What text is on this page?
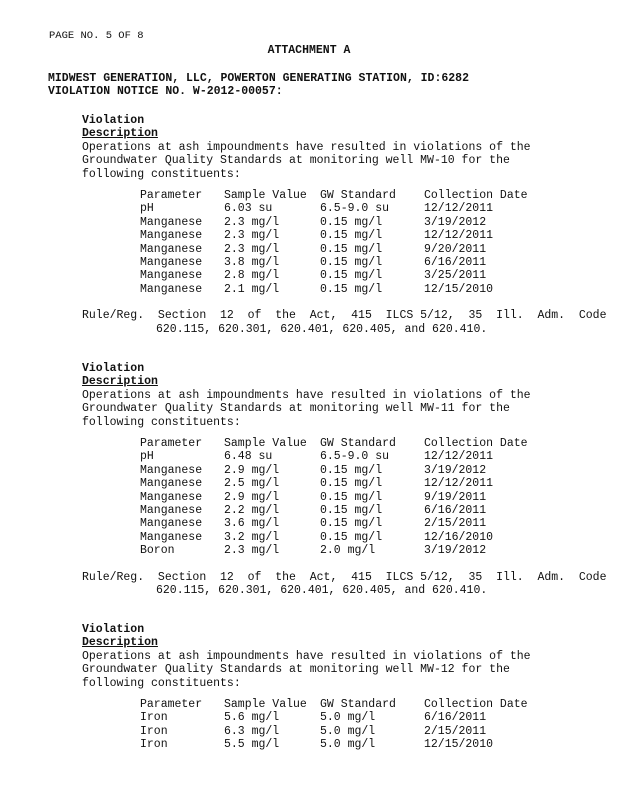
PAGE NO. 5 OF 8
ATTACHMENT A
MIDWEST GENERATION, LLC, POWERTON GENERATING STATION, ID:6282
VIOLATION NOTICE NO. W-2012-00057:
Violation
Description
Operations at ash impoundments have resulted in violations of the Groundwater Quality Standards at monitoring well MW-10 for the following constituents:
Parameter	Sample Value	GW Standard	Collection Date
pH	6.03 su	6.5-9.0 su	12/12/2011
Manganese	2.3 mg/l	0.15 mg/l	3/19/2012
Manganese	2.3 mg/l	0.15 mg/l	12/12/2011
Manganese	2.3 mg/l	0.15 mg/l	9/20/2011
Manganese	3.8 mg/l	0.15 mg/l	6/16/2011
Manganese	2.8 mg/l	0.15 mg/l	3/25/2011
Manganese	2.1 mg/l	0.15 mg/l	12/15/2010
Rule/Reg.  Section  12  of  the  Act,  415  ILCS 5/12,  35  Ill.  Adm.  Code
620.115, 620.301, 620.401, 620.405, and 620.410.
Violation
Description
Operations at ash impoundments have resulted in violations of the Groundwater Quality Standards at monitoring well MW-11 for the following constituents:
Parameter	Sample Value	GW Standard	Collection Date
pH	6.48 su	6.5-9.0 su	12/12/2011
Manganese	2.9 mg/l	0.15 mg/l	3/19/2012
Manganese	2.5 mg/l	0.15 mg/l	12/12/2011
Manganese	2.9 mg/l	0.15 mg/l	9/19/2011
Manganese	2.2 mg/l	0.15 mg/l	6/16/2011
Manganese	3.6 mg/l	0.15 mg/l	2/15/2011
Manganese	3.2 mg/l	0.15 mg/l	12/16/2010
Boron	2.3 mg/l	2.0 mg/l	3/19/2012
Rule/Reg.  Section  12  of  the  Act,  415  ILCS 5/12,  35  Ill.  Adm.  Code
620.115, 620.301, 620.401, 620.405, and 620.410.
Violation
Description
Operations at ash impoundments have resulted in violations of the Groundwater Quality Standards at monitoring well MW-12 for the following constituents:
Parameter	Sample Value	GW Standard	Collection Date
Iron	5.6 mg/l	5.0 mg/l	6/16/2011
Iron	6.3 mg/l	5.0 mg/l	2/15/2011
Iron	5.5 mg/l	5.0 mg/l	12/15/2010
